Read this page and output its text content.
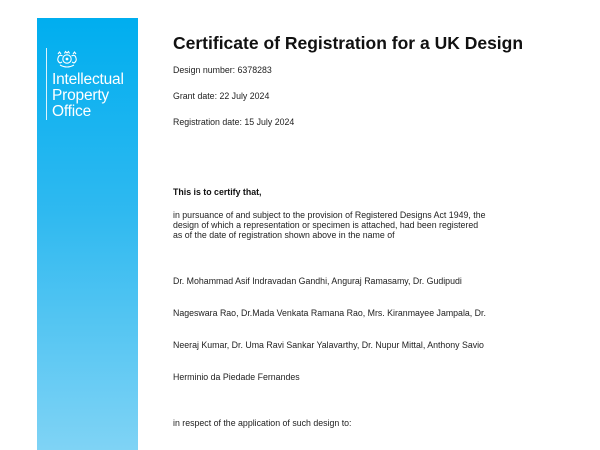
Intellectual
Property
Office
Certificate of Registration for a UK Design
Design number: 6378283
Grant date: 22 July 2024
Registration date: 15 July 2024
This is to certify that,
in pursuance of and subject to the provision of Registered Designs Act 1949, the
design of which a representation or specimen is attached, had been registered
as of the date of registration shown above in the name of
Dr. Mohammad Asif Indravadan Gandhi, Anguraj Ramasamy, Dr. Gudipudi
Nageswara Rao, Dr.Mada Venkata Ramana Rao, Mrs. Kiranmayee Jampala, Dr.
Neeraj Kumar, Dr. Uma Ravi Sankar Yalavarthy, Dr. Nupur Mittal, Anthony Savio
Herminio da Piedade Fernandes
in respect of the application of such design to:
